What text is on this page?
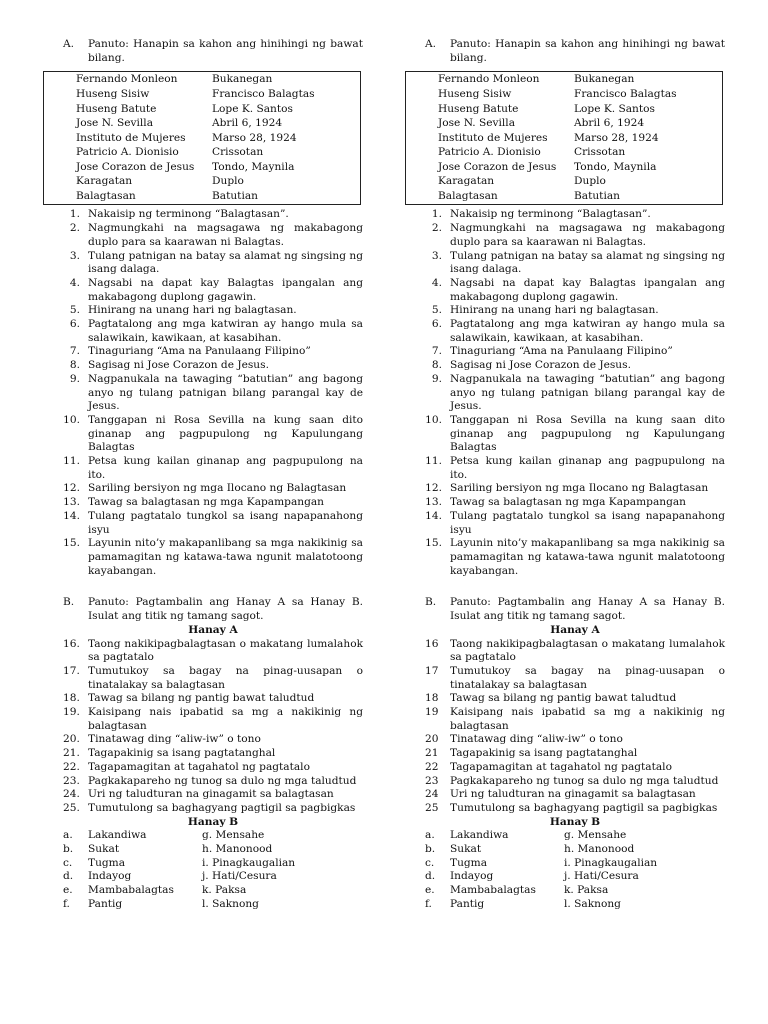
A.	Panuto: Hanapin sa kahon ang hinihingi ng bawat bilang.
Fernando Monleon	Bukanegan
Huseng Sisiw	Francisco Balagtas
Huseng Batute	Lope K. Santos
Jose N. Sevilla	Abril 6, 1924
Instituto de Mujeres	Marso 28, 1924
Patricio A. Dionisio	Crissotan
Jose Corazon de Jesus	Tondo, Maynila
Karagatan	Duplo
Balagtasan	Batutian
1. Nakaisip ng terminong “Balagtasan”.
2. Nagmungkahi na magsagawa ng makabagong duplo para sa kaarawan ni Balagtas.
3. Tulang patnigan na batay sa alamat ng singsing ng isang dalaga.
4. Nagsabi na dapat kay Balagtas ipangalan ang makabagong duplong gagawin.
5. Hinirang na unang hari ng balagtasan.
6. Pagtatalong ang mga katwiran ay hango mula sa salawikain, kawikaan, at kasabihan.
7. Tinaguriang “Ama na Panulaang Filipino”
8. Sagisag ni Jose Corazon de Jesus.
9. Nagpanukala na tawaging “batutian” ang bagong anyo ng tulang patnigan bilang parangal kay de Jesus.
10. Tanggapan ni Rosa Sevilla na kung saan dito ginanap ang pagpupulong ng Kapulungang Balagtas
11. Petsa kung kailan ginanap ang pagpupulong na ito.
12. Sariling bersiyon ng mga Ilocano ng Balagtasan
13. Tawag sa balagtasan ng mga Kapampangan
14. Tulang pagtatalo tungkol sa isang napapanahong isyu
15. Layunin nito’y makapanlibang sa mga nakikinig sa pamamagitan ng katawa-tawa ngunit malatotoong kayabangan.
B.	Panuto: Pagtambalin ang Hanay A sa Hanay B. Isulat ang titik ng tamang sagot.
Hanay A
16. Taong nakikipagbalagtasan o makatang lumalahok sa pagtatalo
17. Tumutukoy sa bagay na pinag-uusapan o tinatalakay sa balagtasan
18. Tawag sa bilang ng pantig bawat taludtud
19. Kaisipang nais ipabatid sa mg a nakikinig ng balagtasan
20. Tinatawag ding “aliw-iw” o tono
21. Tagapakinig sa isang pagtatanghal
22. Tagapamagitan at tagahatol ng pagtatalo
23. Pagkakapareho ng tunog sa dulo ng mga taludtud
24. Uri ng taludturan na ginagamit sa balagtasan
25. Tumutulong sa baghagyang pagtigil sa pagbigkas
Hanay B
a.	Lakandiwa	g. Mensahe
b.	Sukat	h. Manonood
c.	Tugma	i. Pinagkaugalian
d.	Indayog	j. Hati/Cesura
e.	Mambabalagtas	k. Paksa
f.	Pantig	l. Saknong
A.	Panuto: Hanapin sa kahon ang hinihingi ng bawat bilang.
Fernando Monleon	Bukanegan
Huseng Sisiw	Francisco Balagtas
Huseng Batute	Lope K. Santos
Jose N. Sevilla	Abril 6, 1924
Instituto de Mujeres	Marso 28, 1924
Patricio A. Dionisio	Crissotan
Jose Corazon de Jesus	Tondo, Maynila
Karagatan	Duplo
Balagtasan	Batutian
1. Nakaisip ng terminong “Balagtasan”.
2. Nagmungkahi na magsagawa ng makabagong duplo para sa kaarawan ni Balagtas.
3. Tulang patnigan na batay sa alamat ng singsing ng isang dalaga.
4. Nagsabi na dapat kay Balagtas ipangalan ang makabagong duplong gagawin.
5. Hinirang na unang hari ng balagtasan.
6. Pagtatalong ang mga katwiran ay hango mula sa salawikain, kawikaan, at kasabihan.
7. Tinaguriang “Ama na Panulaang Filipino”
8. Sagisag ni Jose Corazon de Jesus.
9. Nagpanukala na tawaging “batutian” ang bagong anyo ng tulang patnigan bilang parangal kay de Jesus.
10. Tanggapan ni Rosa Sevilla na kung saan dito ginanap ang pagpupulong ng Kapulungang Balagtas
11. Petsa kung kailan ginanap ang pagpupulong na ito.
12. Sariling bersiyon ng mga Ilocano ng Balagtasan
13. Tawag sa balagtasan ng mga Kapampangan
14. Tulang pagtatalo tungkol sa isang napapanahong isyu
15. Layunin nito’y makapanlibang sa mga nakikinig sa pamamagitan ng katawa-tawa ngunit malatotoong kayabangan.
B.	Panuto: Pagtambalin ang Hanay A sa Hanay B. Isulat ang titik ng tamang sagot.
Hanay A
16	Taong nakikipagbalagtasan o makatang lumalahok sa pagtatalo
17	Tumutukoy sa bagay na pinag-uusapan o tinatalakay sa balagtasan
18	Tawag sa bilang ng pantig bawat taludtud
19	Kaisipang nais ipabatid sa mg a nakikinig ng balagtasan
20	Tinatawag ding “aliw-iw” o tono
21	Tagapakinig sa isang pagtatanghal
22	Tagapamagitan at tagahatol ng pagtatalo
23	Pagkakapareho ng tunog sa dulo ng mga taludtud
24	Uri ng taludturan na ginagamit sa balagtasan
25	Tumutulong sa baghagyang pagtigil sa pagbigkas
Hanay B
a.	Lakandiwa	g. Mensahe
b.	Sukat	h. Manonood
c.	Tugma	i. Pinagkaugalian
d.	Indayog	j. Hati/Cesura
e.	Mambabalagtas	k. Paksa
f.	Pantig	l. Saknong
